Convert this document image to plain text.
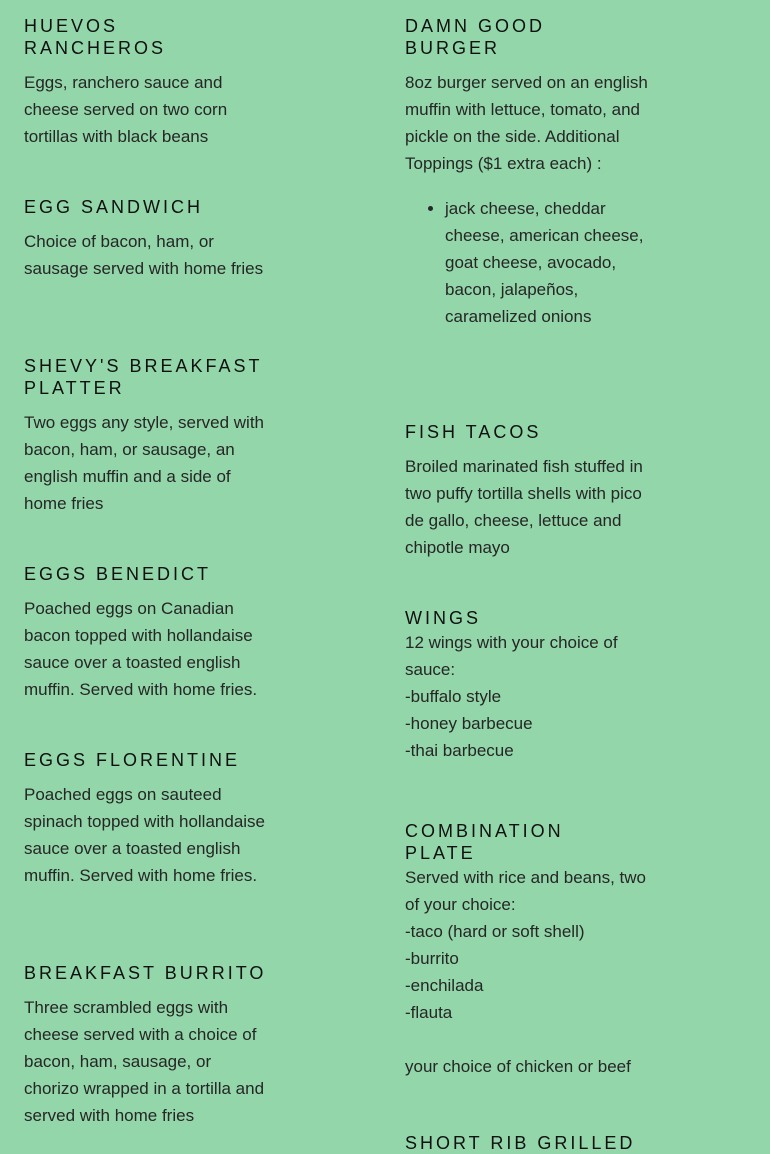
HUEVOS
RANCHEROS

Eggs, ranchero sauce and cheese served on two corn tortillas with black beans

EGG SANDWICH

Choice of bacon, ham, or sausage served with home fries

SHEVY'S BREAKFAST
PLATTER

Two eggs any style, served with bacon, ham, or sausage, an english muffin and a side of home fries

EGGS BENEDICT

Poached eggs on Canadian bacon topped with hollandaise sauce over a toasted english muffin. Served with home fries.

EGGS FLORENTINE

Poached eggs on sauteed spinach topped with hollandaise sauce over a toasted english muffin. Served with home fries.

BREAKFAST BURRITO

Three scrambled eggs with cheese served with a choice of bacon, ham, sausage, or chorizo wrapped in a tortilla and served with home fries

DAMN GOOD
BURGER

8oz burger served on an english muffin with lettuce, tomato, and pickle on the side. Additional Toppings ($1 extra each) :

• jack cheese, cheddar cheese, american cheese, goat cheese, avocado, bacon, jalapeños, caramelized onions
FISH TACOS

Broiled marinated fish stuffed in two puffy tortilla shells with pico de gallo, cheese, lettuce and chipotle mayo

WINGS
12 wings with your choice of sauce:
-buffalo style
-honey barbecue
-thai barbecue
COMBINATION
PLATE
Served with rice and beans, two of your choice:
-taco (hard or soft shell)
-burrito
-enchilada
-flauta
your choice of chicken or beef
SHORT RIB GRILLED
